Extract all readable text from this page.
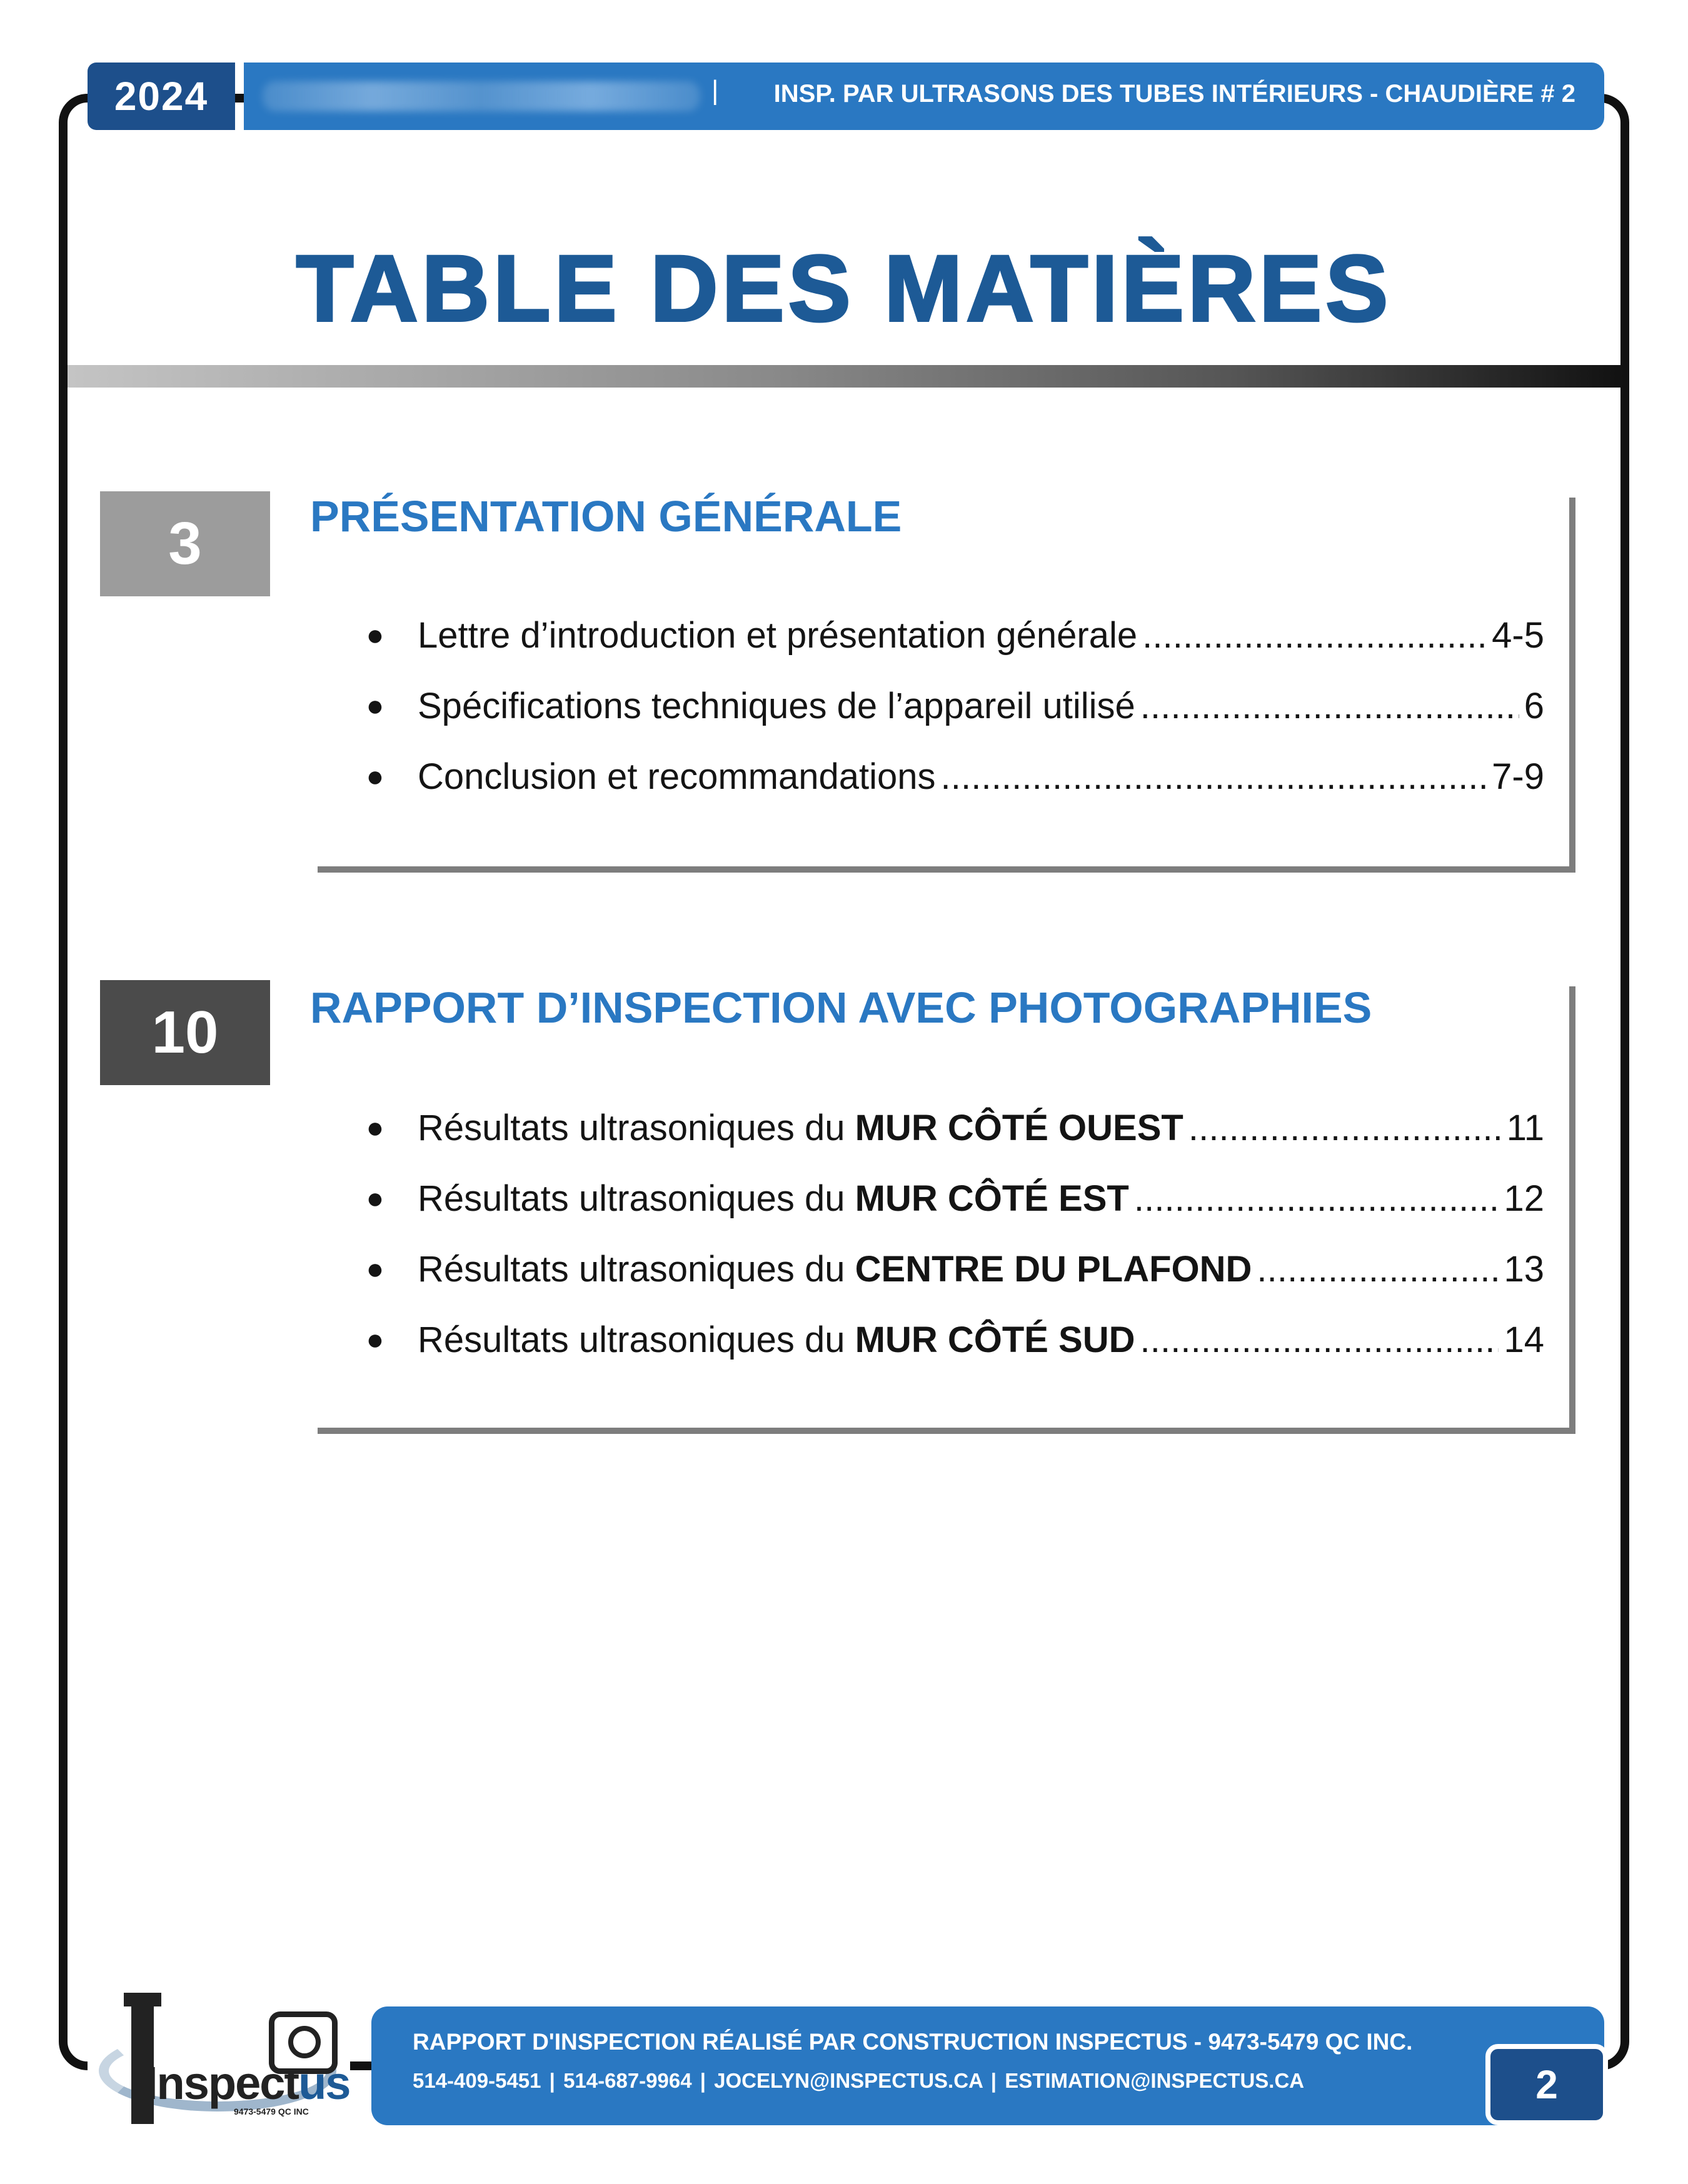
2024	| INSP. PAR ULTRASONS DES TUBES INTÉRIEURS - CHAUDIÈRE # 2
TABLE DES MATIÈRES
3	PRÉSENTATION GÉNÉRALE
● Lettre d’introduction et présentation générale . . .	4-5
● Spécifications techniques de l’appareil utilisé . . .	6
● Conclusion et recommandations . . .	7-9
10	RAPPORT D’INSPECTION AVEC PHOTOGRAPHIES
● Résultats ultrasoniques du MUR CÔTÉ OUEST . . .	11
● Résultats ultrasoniques du MUR CÔTÉ EST . . .	12
● Résultats ultrasoniques du CENTRE DU PLAFOND . . .	13
● Résultats ultrasoniques du MUR CÔTÉ SUD . . .	14
RAPPORT D'INSPECTION RÉALISÉ PAR CONSTRUCTION INSPECTUS - 9473-5479 QC INC.
514-409-5451 | 514-687-9964 | JOCELYN@INSPECTUS.CA | ESTIMATION@INSPECTUS.CA	2
Inspectus
9473-5479 QC INC
